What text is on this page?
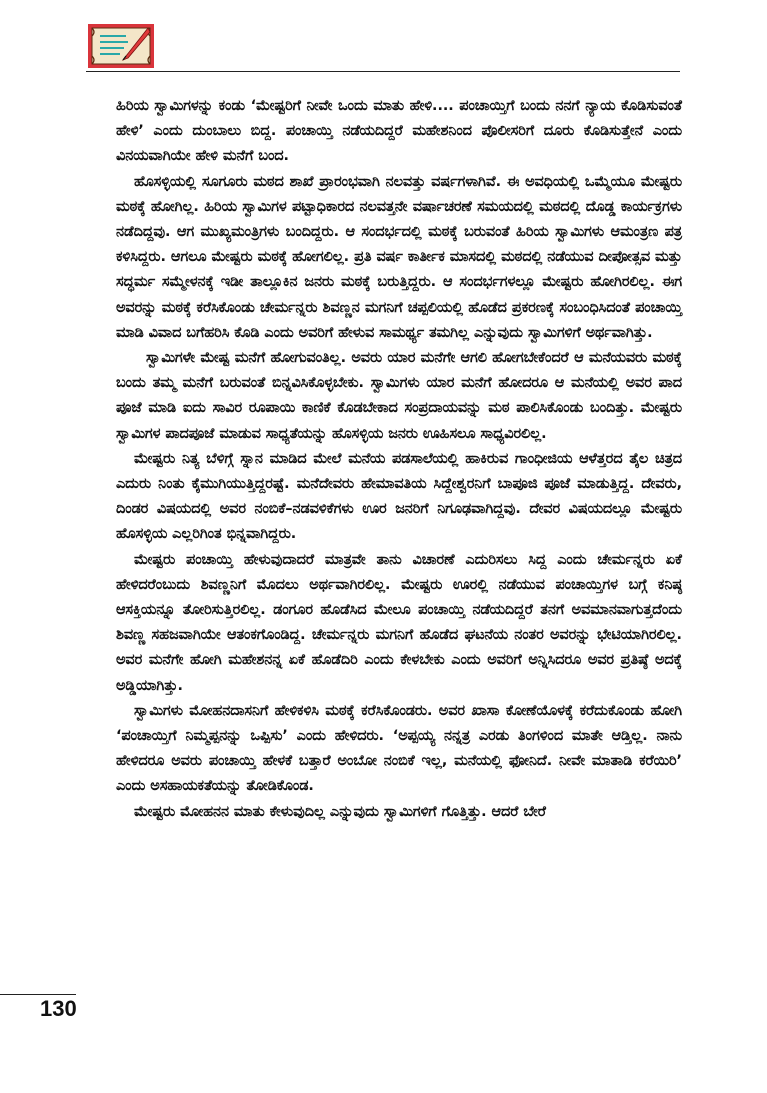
ಹಿರಿಯ ಸ್ವಾಮಿಗಳನ್ನು ಕಂಡು ‘ಮೇಷ್ಟರಿಗೆ ನೀವೇ ಒಂದು ಮಾತು ಹೇಳಿ.... ಪಂಚಾಯ್ತಿಗೆ ಬಂದು ನನಗೆ ನ್ಯಾಯ ಕೊಡಿಸುವಂತೆ ಹೇಳಿ’ ಎಂದು ದುಂಬಾಲು ಬಿದ್ದ. ಪಂಚಾಯ್ತಿ ನಡೆಯದಿದ್ದರೆ ಮಹೇಶನಿಂದ ಪೊಲೀಸರಿಗೆ ದೂರು ಕೊಡಿಸುತ್ತೇನೆ ಎಂದು ವಿನಯವಾಗಿಯೇ ಹೇಳಿ ಮನೆಗೆ ಬಂದ.

ಹೊಸಳ್ಳಿಯಲ್ಲಿ ಸೂಗೂರು ಮಠದ ಶಾಖೆ ಪ್ರಾರಂಭವಾಗಿ ನಲವತ್ತು ವರ್ಷಗಳಾಗಿವೆ. ಈ ಅವಧಿಯಲ್ಲಿ ಒಮ್ಮೆಯೂ ಮೇಷ್ಟರು ಮಠಕ್ಕೆ ಹೋಗಿಲ್ಲ. ಹಿರಿಯ ಸ್ವಾಮಿಗಳ ಪಟ್ಟಾಧಿಕಾರದ ನಲವತ್ತನೇ ವರ್ಷಾಚರಣೆ ಸಮಯದಲ್ಲಿ ಮಠದಲ್ಲಿ ದೊಡ್ಡ ಕಾರ್ಯಕ್ರಗಳು ನಡೆದಿದ್ದವು. ಆಗ ಮುಖ್ಯಮಂತ್ರಿಗಳು ಬಂದಿದ್ದರು. ಆ ಸಂದರ್ಭದಲ್ಲಿ ಮಠಕ್ಕೆ ಬರುವಂತೆ ಹಿರಿಯ ಸ್ವಾಮಿಗಳು ಆಮಂತ್ರಣ ಪತ್ರ ಕಳಿಸಿದ್ದರು. ಆಗಲೂ ಮೇಷ್ಟರು ಮಠಕ್ಕೆ ಹೋಗಲಿಲ್ಲ. ಪ್ರತಿ ವರ್ಷ ಕಾರ್ತೀಕ ಮಾಸದಲ್ಲಿ ಮಠದಲ್ಲಿ ನಡೆಯುವ ದೀಪೋತ್ಸವ ಮತ್ತು ಸದ್ಧರ್ಮ ಸಮ್ಮೇಳನಕ್ಕೆ ಇಡೀ ತಾಲ್ಲೂಕಿನ ಜನರು ಮಠಕ್ಕೆ ಬರುತ್ತಿದ್ದರು. ಆ ಸಂದರ್ಭಗಳಲ್ಲೂ ಮೇಷ್ಟರು ಹೋಗಿರಲಿಲ್ಲ. ಈಗ ಅವರನ್ನು ಮಠಕ್ಕೆ ಕರೆಸಿಕೊಂಡು ಚೇರ್ಮನ್ನರು ಶಿವಣ್ಣನ ಮಗನಿಗೆ ಚಪ್ಪಲಿಯಲ್ಲಿ ಹೊಡೆದ ಪ್ರಕರಣಕ್ಕೆ ಸಂಬಂಧಿಸಿದಂತೆ ಪಂಚಾಯ್ತಿ ಮಾಡಿ ವಿವಾದ ಬಗೆಹರಿಸಿ ಕೊಡಿ ಎಂದು ಅವರಿಗೆ ಹೇಳುವ ಸಾಮರ್ಥ್ಯ ತಮಗಿಲ್ಲ ಎನ್ನುವುದು ಸ್ವಾಮಿಗಳಿಗೆ ಅರ್ಥವಾಗಿತ್ತು.

ಸ್ವಾಮಿಗಳೇ ಮೇಷ್ಟ ಮನೆಗೆ ಹೋಗುವಂತಿಲ್ಲ. ಅವರು ಯಾರ ಮನೆಗೇ ಆಗಲಿ ಹೋಗಬೇಕೆಂದರೆ ಆ ಮನೆಯವರು ಮಠಕ್ಕೆ ಬಂದು ತಮ್ಮ ಮನೆಗೆ ಬರುವಂತೆ ಬಿನ್ನವಿಸಿಕೊಳ್ಳಬೇಕು. ಸ್ವಾಮಿಗಳು ಯಾರ ಮನೆಗೆ ಹೋದರೂ ಆ ಮನೆಯಲ್ಲಿ ಅವರ ಪಾದ ಪೂಜೆ ಮಾಡಿ ಐದು ಸಾವಿರ ರೂಪಾಯಿ ಕಾಣಿಕೆ ಕೊಡಬೇಕಾದ ಸಂಪ್ರದಾಯವನ್ನು ಮಠ ಪಾಲಿಸಿಕೊಂಡು ಬಂದಿತ್ತು. ಮೇಷ್ಟರು ಸ್ವಾಮಿಗಳ ಪಾದಪೂಜೆ ಮಾಡುವ ಸಾಧ್ಯತೆಯನ್ನು ಹೊಸಳ್ಳಿಯ ಜನರು ಊಹಿಸಲೂ ಸಾಧ್ಯವಿರಲಿಲ್ಲ.

ಮೇಷ್ಟರು ನಿತ್ಯ ಬೆಳಿಗ್ಗೆ ಸ್ನಾನ ಮಾಡಿದ ಮೇಲೆ ಮನೆಯ ಪಡಸಾಲೆಯಲ್ಲಿ ಹಾಕಿರುವ ಗಾಂಧೀಜಿಯ ಆಳೆತ್ತರದ ತೈಲ ಚಿತ್ರದ ಎದುರು ನಿಂತು ಕೈಮುಗಿಯುತ್ತಿದ್ದರಷ್ಟೆ. ಮನೆದೇವರು ಹೇಮಾವತಿಯ ಸಿದ್ದೇಶ್ವರನಿಗೆ ಬಾಪೂಜಿ ಪೂಜೆ ಮಾಡುತ್ತಿದ್ದ. ದೇವರು, ದಿಂಡರ ವಿಷಯದಲ್ಲಿ ಅವರ ನಂಬಿಕೆ–ನಡವಳಿಕೆಗಳು ಊರ ಜನರಿಗೆ ನಿಗೂಢವಾಗಿದ್ದವು. ದೇವರ ವಿಷಯದಲ್ಲೂ ಮೇಷ್ಟರು ಹೊಸಳ್ಳಿಯ ಎಲ್ಲರಿಗಿಂತ ಭಿನ್ನವಾಗಿದ್ದರು.

ಮೇಷ್ಟರು ಪಂಚಾಯ್ತಿ ಹೇಳುವುದಾದರೆ ಮಾತ್ರವೇ ತಾನು ವಿಚಾರಣೆ ಎದುರಿಸಲು ಸಿದ್ದ ಎಂದು ಚೇರ್ಮನ್ನರು ಏಕೆ ಹೇಳಿದರೆಂಬುದು ಶಿವಣ್ಣನಿಗೆ ಮೊದಲು ಅರ್ಥವಾಗಿರಲಿಲ್ಲ. ಮೇಷ್ಟರು ಊರಲ್ಲಿ ನಡೆಯುವ ಪಂಚಾಯ್ತಿಗಳ ಬಗ್ಗೆ ಕನಿಷ್ಠ ಆಸಕ್ತಿಯನ್ನೂ ತೋರಿಸುತ್ತಿರಲಿಲ್ಲ. ಡಂಗೂರ ಹೊಡೆಸಿದ ಮೇಲೂ ಪಂಚಾಯ್ತಿ ನಡೆಯದಿದ್ದರೆ ತನಗೆ ಅವಮಾನವಾಗುತ್ತದೆಂದು ಶಿವಣ್ಣ ಸಹಜವಾಗಿಯೇ ಆತಂಕಗೊಂಡಿದ್ದ. ಚೇರ್ಮನ್ನರು ಮಗನಿಗೆ ಹೊಡೆದ ಘಟನೆಯ ನಂತರ ಅವರನ್ನು ಭೇಟಿಯಾಗಿರಲಿಲ್ಲ. ಅವರ ಮನೆಗೇ ಹೋಗಿ ಮಹೇಶನನ್ನ ಏಕೆ ಹೊಡೆದಿರಿ ಎಂದು ಕೇಳಬೇಕು ಎಂದು ಅವರಿಗೆ ಅನ್ನಿಸಿದರೂ ಅವರ ಪ್ರತಿಷ್ಠೆ ಅದಕ್ಕೆ ಅಡ್ಡಿಯಾಗಿತ್ತು.

ಸ್ವಾಮಿಗಳು ಮೋಹನದಾಸನಿಗೆ ಹೇಳಿಕಳಿಸಿ ಮಠಕ್ಕೆ ಕರೆಸಿಕೊಂಡರು. ಅವರ ಖಾಸಾ ಕೋಣೆಯೊಳಕ್ಕೆ ಕರೆದುಕೊಂಡು ಹೋಗಿ ‘ಪಂಚಾಯ್ತಿಗೆ ನಿಮ್ಮಪ್ಪನನ್ನು ಒಪ್ಪಿಸು’ ಎಂದು ಹೇಳಿದರು. ‘ಅಪ್ಪಯ್ಯ ನನ್ನತ್ರ ಎರಡು ತಿಂಗಳಿಂದ ಮಾತೇ ಆಡ್ತಿಲ್ಲ. ನಾನು ಹೇಳಿದರೂ ಅವರು ಪಂಚಾಯ್ತಿ ಹೇಳಕೆ ಬತ್ತಾರೆ ಅಂಬೋ ನಂಬಿಕೆ ಇಲ್ಲ, ಮನೆಯಲ್ಲಿ ಫೋನಿದೆ. ನೀವೇ ಮಾತಾಡಿ ಕರೆಯಿರಿ’ ಎಂದು ಅಸಹಾಯಕತೆಯನ್ನು ತೋಡಿಕೊಂಡ.

ಮೇಷ್ಟರು ಮೋಹನನ ಮಾತು ಕೇಳುವುದಿಲ್ಲ ಎನ್ನುವುದು ಸ್ವಾಮಿಗಳಿಗೆ ಗೊತ್ತಿತ್ತು. ಆದರೆ ಬೇರೆ

130
